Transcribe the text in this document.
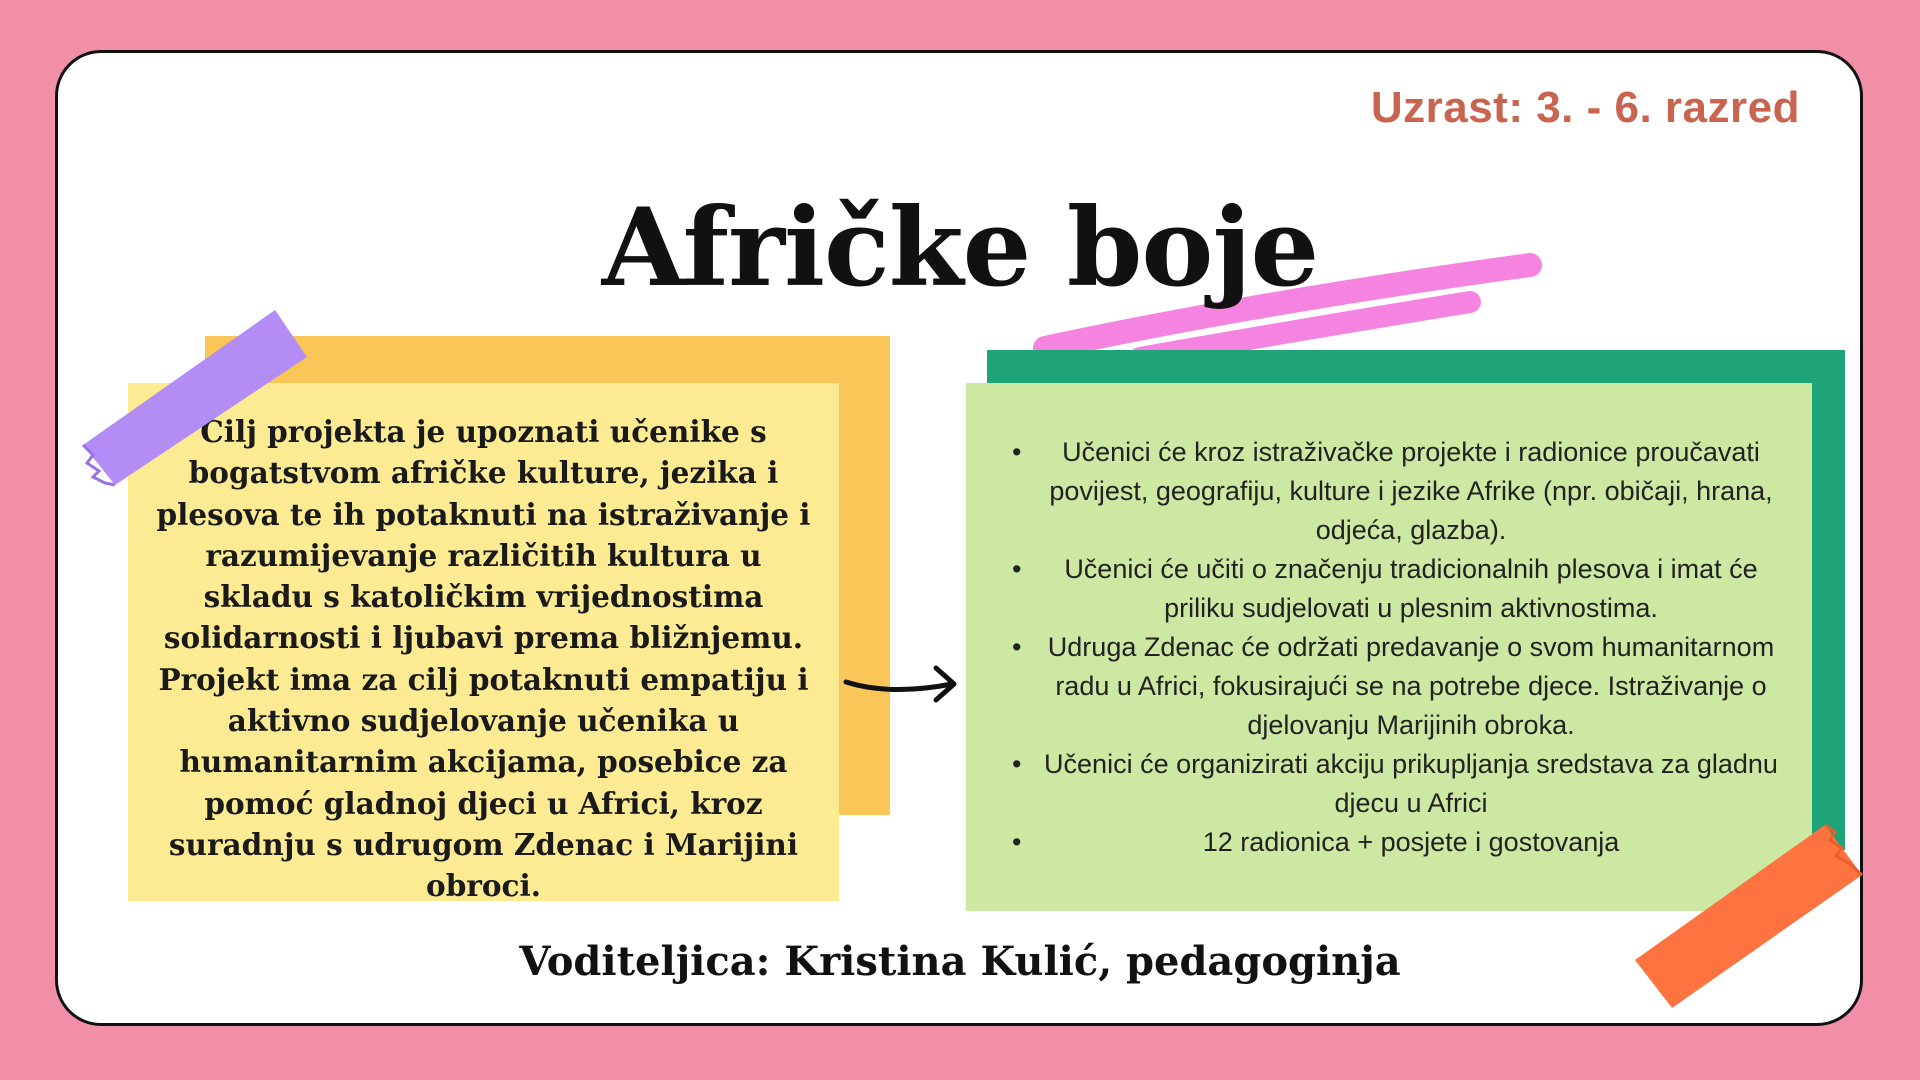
Uzrast: 3. - 6. razred
Afričke boje
Cilj projekta je upoznati učenike s bogatstvom afričke kulture, jezika i plesova te ih potaknuti na istraživanje i razumijevanje različitih kultura u skladu s katoličkim vrijednostima solidarnosti i ljubavi prema bližnjemu. Projekt ima za cilj potaknuti empatiju i aktivno sudjelovanje učenika u humanitarnim akcijama, posebice za pomoć gladnoj djeci u Africi, kroz suradnju s udrugom Zdenac i Marijini obroci.
• Učenici će kroz istraživačke projekte i radionice proučavati povijest, geografiju, kulture i jezike Afrike (npr. običaji, hrana, odjeća, glazba).
• Učenici će učiti o značenju tradicionalnih plesova i imat će priliku sudjelovati u plesnim aktivnostima.
• Udruga Zdenac će održati predavanje o svom humanitarnom radu u Africi, fokusirajući se na potrebe djece. Istraživanje o djelovanju Marijinih obroka.
• Učenici će organizirati akciju prikupljanja sredstava za gladnu djecu u Africi
• 12 radionica + posjete i gostovanja
Voditeljica: Kristina Kulić, pedagoginja
